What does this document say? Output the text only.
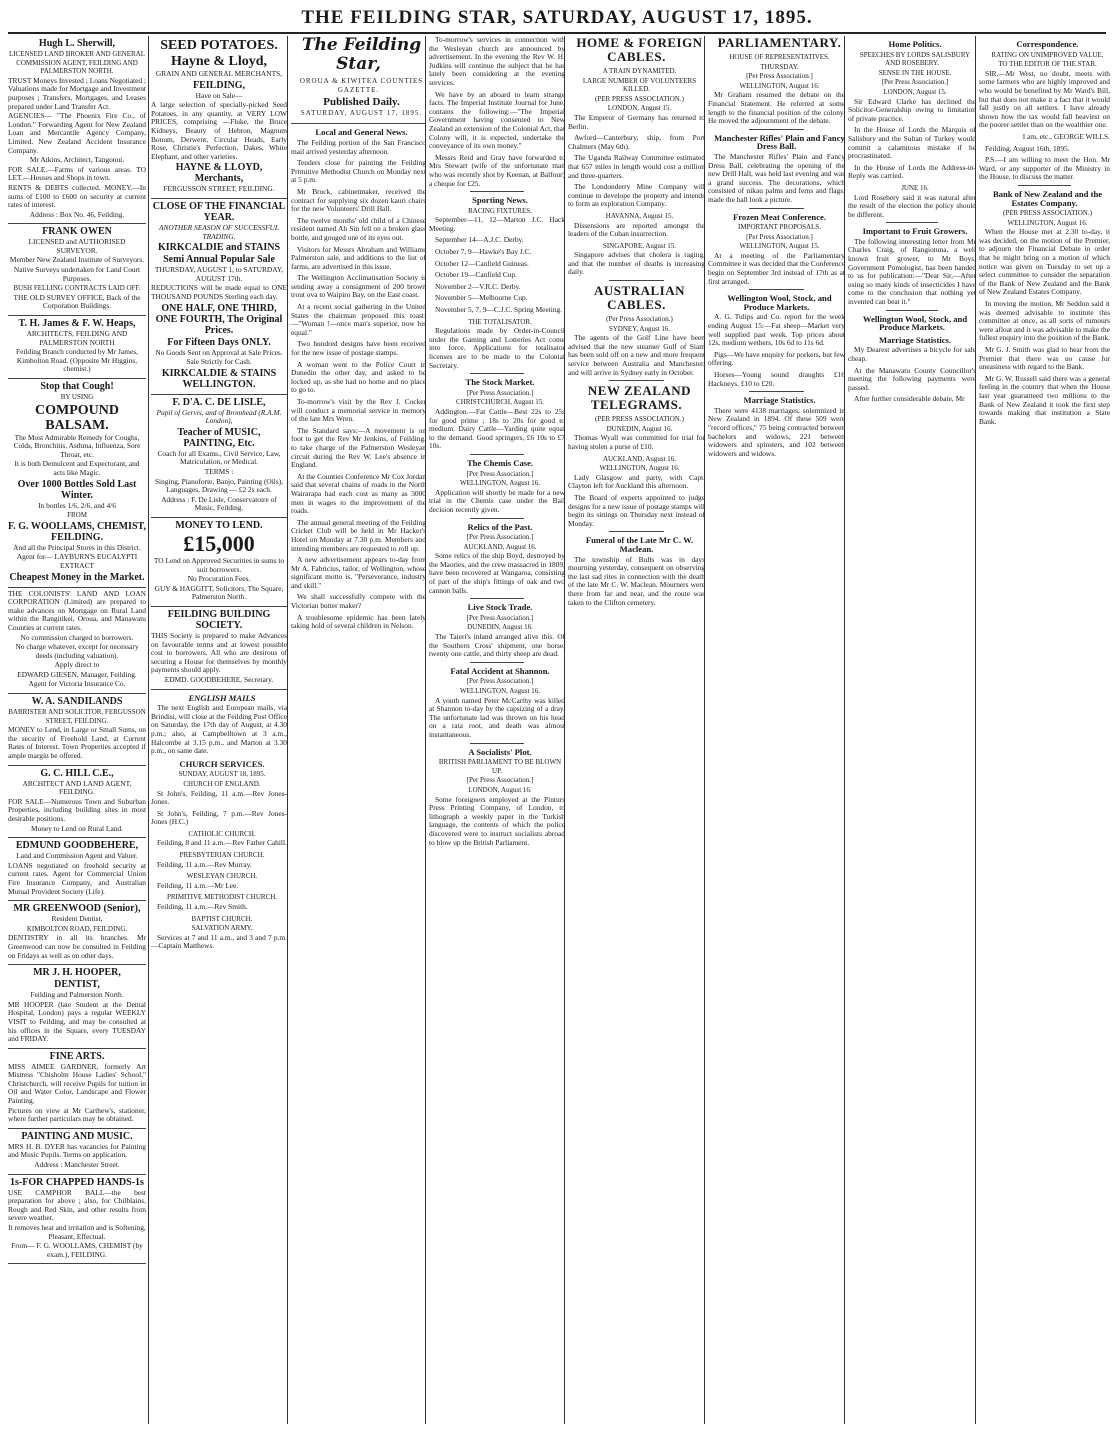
THE FEILDING STAR, SATURDAY, AUGUST 17, 1895.

Hugh L. Sherwill,

LICENSED LAND BROKER AND GENERAL COMMISSION AGENT, FEILDING AND PALMERSTON NORTH.

TRUST Moneys Invested ; Loans Negotiated ; Valuations made for Mortgage and Investment purposes ; Transfers, Mortgages, and Leases prepared under Land Transfer Act.

AGENCIES— "The Phoenix Fire Co., of London." Forwarding Agent for New Zealand Loan and Mercantile Agency Company, Limited. New Zealand Accident Insurance Company.

Mr Atkins, Architect, Tangonui.

FOR SALE.—Farms of various areas. TO LET.—Houses and Shops in town.

RENTS & DEBTS collected. MONEY.—In sums of £100 to £600 on security at current rates of interest.

Address : Box No. 46, Feilding.

FRANK OWEN

LICENSED and AUTHORISED SURVEYOR.

Member New Zealand Institute of Surveyors.

Native Surveys undertaken for Land Court Purposes.

BUSH FELLING CONTRACTS LAID OFF.

THE OLD SURVEY OFFICE, Back of the Corporation Buildings.

T. H. James & F. W. Heaps,

ARCHITECTS, FEILDING AND PALMERSTON NORTH

Feilding Branch conducted by Mr James, Kimbolton Road. (Opposite Mr Higgins, chemist.)

Stop that Cough!

BY USING

COMPOUND BALSAM.

The Most Admirable Remedy for Coughs, Colds, Bronchitis, Asthma, Influenza, Sore Throat, etc.

It is both Demulcent and Expectorant, and acts like Magic.

Over 1000 Bottles Sold Last Winter.

In bottles 1/6, 2/6, and 4/6

FROM

F. G. WOOLLAMS, CHEMIST, FEILDING.

And all the Principal Stores in this District.

Agent for— LAYBURN'S EUCALYPTI EXTRACT

Cheapest Money in the Market.

THE COLONISTS' LAND AND LOAN CORPORATION (Limited) are prepared to make advances on Mortgage on Rural Land within the Rangitikei, Oroua, and Manawatu Counties at current rates.

No commission charged to borrowers.

No charge whatever, except for necessary deeds (including valuation).

Apply direct to

EDWARD GIESEN, Manager, Feilding.

Agent for Victoria Insurance Co.

W. A. SANDILANDS

BARRISTER AND SOLICITOR, FERGUSSON STREET, FEILDING.

MONEY to Lend, in Large or Small Sums, on the security of Freehold Land, at Current Rates of Interest. Town Properties accepted if ample margin be offered.

G. C. HILL C.E.,

ARCHITECT AND LAND AGENT, FEILDING.

FOR SALE—Numerous Town and Suburban Properties, including building sites in most desirable positions.

Money to Lend on Rural Land.

EDMUND GOODBEHERE,

Land and Commission Agent and Valuer.

LOANS negotiated on freehold security at current rates. Agent for Commercial Union Fire Insurance Company, and Australian Mutual Provident Society (Life).

MR GREENWOOD (Senior),

Resident Dentist,

KIMBOLTON ROAD, FEILDING.

DENTISTRY in all its branches. Mr Greenwood can now be consulted in Feilding on Fridays as well as on other days.

MR J. H. HOOPER,

DENTIST,

Feilding and Palmerston North.

MR HOOPER (late Student at the Dental Hospital, London) pays a regular WEEKLY VISIT to Feilding, and may be consulted at his offices in the Square, every TUESDAY and FRIDAY.

FINE ARTS.

MISS AIMEE GARDNER, formerly Art Mistress "Chisholm House Ladies' School," Christchurch, will receive Pupils for tuition in Oil and Water Color, Landscape and Flower Painting.

Pictures on view at Mr Carthew's, stationer, where further particulars may be obtained.

PAINTING AND MUSIC.

MRS H. B. DYER has vacancies for Painting and Music Pupils. Terms on application.

Address : Manchester Street.

1s-FOR CHAPPED HANDS-1s

USE CAMPHOR BALL—the best preparation for above ; also, for Chilblains, Rough and Red Skin, and other results from severe weather.

It removes heat and irritation and is Softening, Pleasant, Effectual.

From— F. G. WOOLLAMS, CHEMIST (by exam.), FEILDING.

SEED POTATOES.

Hayne & Lloyd,

GRAIN AND GENERAL MERCHANTS,

FEILDING,

Have on Sale—

A large selection of specially-picked Seed Potatoes, in any quantity, at VERY LOW PRICES, comprising —Fluke, the Bruce Kidneys, Beauty of Hebron, Magnum Bonum, Derwent, Circular Heads, Early Rose, Christie's Perfection, Dakes, White Elephant, and other varieties.

HAYNE & LLOYD, Merchants,

FERGUSSON STREET, FEILDING.

CLOSE OF THE FINANCIAL YEAR.

ANOTHER SEASON OF SUCCESSFUL TRADING.

KIRKCALDIE and STAINS

Semi Annual Popular Sale

THURSDAY, AUGUST 1, to SATURDAY, AUGUST 17th.

REDUCTIONS will be made equal to ONE THOUSAND POUNDS Sterling each day.

ONE HALF, ONE THIRD, ONE FOURTH, The Original Prices.

For Fifteen Days ONLY.

No Goods Sent on Approval at Sale Prices.

Sale Strictly for Cash.

KIRKCALDIE & STAINS WELLINGTON.

F. D'A. C. DE LISLE,

Pupil of Gervis, and of Bromhead (R.A.M. London),

Teacher of MUSIC, PAINTING, Etc.

Coach for all Exams., Civil Service, Law, Matriculation, or Medical.

TERMS :

Singing, Pianoforte, Banjo, Painting (Oils), Languages, Drawing — £2 2s each.

Address : F. De Lisle, Conservatoire of Music, Feilding.

MONEY TO LEND.

£15,000

TO Lend on Approved Securities in sums to suit borrowers.

No Procuration Fees.

GUY & HAGGITT, Solicitors, The Square, Palmerston North.

FEILDING BUILDING SOCIETY.

THIS Society is prepared to make Advances on favourable terms and at lowest possible cost to borrowers. All who are desirous of securing a House for themselves by monthly payments should apply.

EDMD. GOODBEHERE, Secretary.

ENGLISH MAILS

The next English and European mails, via Brindisi, will close at the Feilding Post Office on Saturday, the 17th day of August, at 4.30 p.m.; also, at Campbelltown at 3 a.m., Halcombe at 3.15 p.m., and Marton at 3.30 p.m., on same date.

CHURCH SERVICES.

SUNDAY, AUGUST 18, 1895.

CHURCH OF ENGLAND.

St John's, Feilding, 11 a.m.—Rev Jones-Jones.

St John's, Feilding, 7 p.m.—Rev Jones-Jones (H.C.)

CATHOLIC CHURCH.

Feilding, 8 and 11 a.m.—Rev Father Cahill.

PRESBYTERIAN CHURCH.

Feilding, 11 a.m.—Rev Murray.

WESLEYAN CHURCH.

Feilding, 11 a.m.—Mr Lee.

PRIMITIVE METHODIST CHURCH.

Feilding, 11 a.m.—Rev Smith.

BAPTIST CHURCH.

SALVATION ARMY.

Services at 7 and 11 a.m., and 3 and 7 p.m.—Captain Matthews.

The Feilding Star,

OROUA & KIWITEA COUNTIES GAZETTE.

Published Daily.

SATURDAY, AUGUST 17, 1895.

Local and General News.

The Feilding portion of the San Francisco mail arrived yesterday afternoon.

Tenders close for painting the Feilding Primitive Methodist Church on Monday next at 5 p.m.

Mr Brock, cabinetmaker, received the contract for supplying six dozen kauri chairs for the new Volunteers' Drill Hall.

The twelve months' old child of a Chinese resident named Ah Sin fell on a broken glass bottle, and gouged one of its eyes out.

Visitors for Messrs Abraham and Williams Palmerston sale, and additions to the list of farms, are advertised in this issue.

The Wellington Acclimatisation Society is sending away a consignment of 200 brown trout ova to Waipiro Bay, on the East coast.

At a recent social gathering in the United States the chairman proposed this toast:—"Woman !—once man's superior, now his equal."

Two hundred designs have been received for the new issue of postage stamps.

A woman went to the Police Court in Dunedin the other day, and asked to be locked up, as she had no home and no place to go to.

To-morrow's visit by the Rev J. Cocker will conduct a memorial service in memory of the late Mrs Wren.

The Standard says:—A movement is on foot to get the Rev Mr Jenkins, of Feilding, to take charge of the Palmerston Wesleyan circuit during the Rev W. Lee's absence in England.

At the Counties Conference Mr Cox Jordan said that several chains of roads in the North Wairarapa had each cost as many as 3000 men in wages to the improvement of the roads.

The annual general meeting of the Feilding Cricket Club will be held in Mr Hacker's Hotel on Monday at 7.30 p.m. Members and intending members are requested to roll up.

A new advertisement appears to-day from Mr A. Fabricius, tailor, of Wellington, whose significant motto is, "Perseverance, industry and skill."

We shall successfully compete with the Victorian butter maker?

A troublesome epidemic has been lately taking hold of several children in Nelson.

To-morrow's services in connection with the Wesleyan church are announced by advertisement. In the evening the Rev W. H. Judkins will continue the subject that he has lately been considering at the evening services.

We have by an aboard to learn strange facts. The Imperial Institute Journal for June, contains the following:—"The Imperial Government having consented to New Zealand an extension of the Colonial Act, that Colony will, it is expected, undertake the conveyance of its own money."

Messrs Reid and Gray have forwarded to Mrs Stewart (wife of the unfortunate man who was recently shot by Keenan, at Balfour) a cheque for £25.

Sporting News.

RACING FIXTURES.

September—11, 12—Marton J.C. Hack Meeting.

September 14—A.J.C. Derby.

October 7, 9—Hawke's Bay J.C.

October 12—Canfield Guineas.

October 19—Canfield Cup.

November 2—V.R.C. Derby.

November 5—Melbourne Cup.

November 5, 7, 9—C.J.C. Spring Meeting.

THE TOTALISATOR.

Regulations made by Order-in-Council under the Gaming and Lotteries Act come into force. Applications for totalisator licenses are to be made to the Colonial Secretary.

The Stock Market.

[Per Press Association.]

CHRISTCHURCH, August 15.

Addington.—Fat Cattle—Best 22s to 25s for good prime ; 18s to 20s for good to medium. Dairy Cattle—Yarding quite equal to the demand. Good springers, £6 10s to £7 10s.

The Chemis Case.

[Per Press Association.]

WELLINGTON, August 16.

Application will shortly be made for a new trial in the Chemis case under the Bail decision recently given.

Relics of the Past.

[Per Press Association.]

AUCKLAND, August 16.

Some relics of the ship Boyd, destroyed by the Maories, and the crew massacred in 1809, have been recovered at Wangaroa, consisting of part of the ship's fittings of oak and two cannon balls.

Live Stock Trade.

[Per Press Association.]

DUNEDIN, August 16.

The Taieri's inland arranged alive this. Of the Southern Cross' shipment, one horse, twenty one cattle, and thirty sheep are dead.

Fatal Accident at Shannon.

[Per Press Association.]

WELLINGTON, August 16.

A youth named Peter McCarthy was killed at Shannon to-day by the capsizing of a dray. The unfortunate lad was thrown on his head on a rata root, and death was almost instantaneous.

A Socialists' Plot.

BRITISH PARLIAMENT TO BE BLOWN UP.

[Per Press Association.]

LONDON, August 16.

Some foreigners employed at the Pinturs Press Printing Company, of London, to lithograph a weekly paper in the Turkish language, the contents of which the police discovered were to instruct socialists abroad to blow up the British Parliament.

HOME & FOREIGN CABLES.

A TRAIN DYNAMITED.

LARGE NUMBER OF VOLUNTEERS KILLED.

(PER PRESS ASSOCIATION.)

LONDON, August 15.

The Emperor of Germany has returned to Berlin.

Awford—Canterbury, ship, from Port Chalmers (May 6th).

The Uganda Railway Committee estimated that 657 miles in length would cost a million and three-quarters.

The Londonderry Mine Company will continue to develope the property and intends to form an exploration Company.

HAVANNA, August 15.

Dissensions are reported amongst the leaders of the Cuban insurrection.

SINGAPORE, August 15.

Singapore advises that cholera is raging, and that the number of deaths is increasing daily.

AUSTRALIAN CABLES.

(Per Press Association.)

SYDNEY, August 16.

The agents of the Golf Line have been advised that the new steamer Gulf of Siam has been sold off on a new and more frequent service between Australia and Manchester, and will arrive in Sydney early in October.

NEW ZEALAND TELEGRAMS.

(PER PRESS ASSOCIATION.)

DUNEDIN, August 16.

Thomas Wyall was committed for trial for having stolen a purse of £10.

AUCKLAND, August 16.

WELLINGTON, August 16.

Lady Glasgow and party, with Capt. Clayton left for Auckland this afternoon.

The Board of experts appointed to judge designs for a new issue of postage stamps will begin its sittings on Thursday next instead of Monday.

Funeral of the Late Mr C. W. Maclean.

The township of Bulls was in days mourning yesterday, consequent on observing the last sad rites in connection with the death of the late Mr C. W. Maclean. Mourners were there from far and near, and the route was taken to the Clifton cemetery.

PARLIAMENTARY.

HOUSE OF REPRESENTATIVES.

THURSDAY.

[Per Press Association.]

WELLINGTON, August 16.

Mr Graham resumed the debate on the Financial Statement. He referred at some length to the financial position of the colony. He moved the adjournment of the debate.

Manchester Rifles' Plain and Fancy Dress Ball.

The Manchester Rifles' Plain and Fancy Dress Ball, celebrating the opening of the new Drill Hall, was held last evening and was a grand success. The decorations, which consisted of nikau palms and ferns and flags, made the hall look a picture.

Frozen Meat Conference.

IMPORTANT PROPOSALS.

[Per Press Association.]

WELLINGTON, August 15.

At a meeting of the Parliamentary Committee it was decided that the Conference begin on September 3rd instead of 17th as at first arranged.

Wellington Wool, Stock, and Produce Markets.

A. G. Tulips and Co. report for the week ending August 15:—Fat sheep—Market very well supplied past week. Top prices about 12s, medium wethers, 10s 6d to 11s 6d.

Pigs—We have enquiry for porkers, but few offering.

Horses—Young sound draughts £16 Hackneys, £10 to £20.

Marriage Statistics.

There were 4138 marriages, solemnized in New Zealand in 1894. Of these 509 were "record offices," 75 being contracted between bachelors and widows, 221 between widowers and spinsters, and 102 between widowers and widows.

Home Politics.

SPEECHES BY LORDS SALISBURY AND ROSEBERY.

SENSE IN THE HOUSE.

[Per Press Association.]

LONDON, August 15.

Sir Edward Clarke has declined the Solicitor-Generalship owing to limitation of private practice.

In the House of Lords the Marquis of Salisbury and the Sultan of Turkey would commit a calamitous mistake if he procrastinated.

In the House of Lords the Address-in-Reply was carried.

JUNE 16.

Lord Rosebery said it was natural after the result of the election the policy should be different.

Important to Fruit Growers.

The following interesting letter from Mr Charles Craig, of Rangiotuna, a well known fruit grower, to Mr Boys, Government Pomologist, has been handed to us for publication:—"Dear Sir,—After using so many kinds of insecticides I have come to the conclusion that nothing yet invented can beat it."

Wellington Wool, Stock, and Produce Markets.

Marriage Statistics.

My Dearest advertises a bicycle for sale cheap.

At the Manawatu County Councillor's meeting the following payments were passed.

After further considerable debate, Mr

Correspondence.

RATING ON UNIMPROVED VALUE.

TO THE EDITOR OF THE STAR.

SIR,—Mr West, no doubt, meets with some farmers who are highly improved and who would be benefited by Mr Ward's Bill, but that does not make it a fact that it would fall justly on all settlers. I have already shown how the tax would fall heaviest on the poorer settler than on the wealthier one.

I am, etc., GEORGE WILLS.

Feilding, August 16th, 1895.

P.S.—I am willing to meet the Hon. Mr Ward, or any supporter of the Ministry in the House, to discuss the matter.

Bank of New Zealand and the Estates Company.

(PER PRESS ASSOCIATION.)

WELLINGTON, August 16.

When the House met at 2.30 to-day, it was decided, on the motion of the Premier, to adjourn the Financial Debate in order that he might bring on a motion of which notice was given on Tuesday to set up a select committee to consider the separation of the Bank of New Zealand and the Bank of New Zealand Estates Company.

In moving the motion, Mr Seddon said it was deemed advisable to institute this committee at once, as all sorts of rumours were afloat and it was advisable to make the fullest enquiry into the position of the Bank.

Mr G. J. Smith was glad to hear from the Premier that there was no cause for uneasiness with regard to the Bank.

Mr G. W. Russell said there was a general feeling in the country that when the House last year guaranteed two millions to the Bank of New Zealand it took the first step towards making that institution a State Bank.
